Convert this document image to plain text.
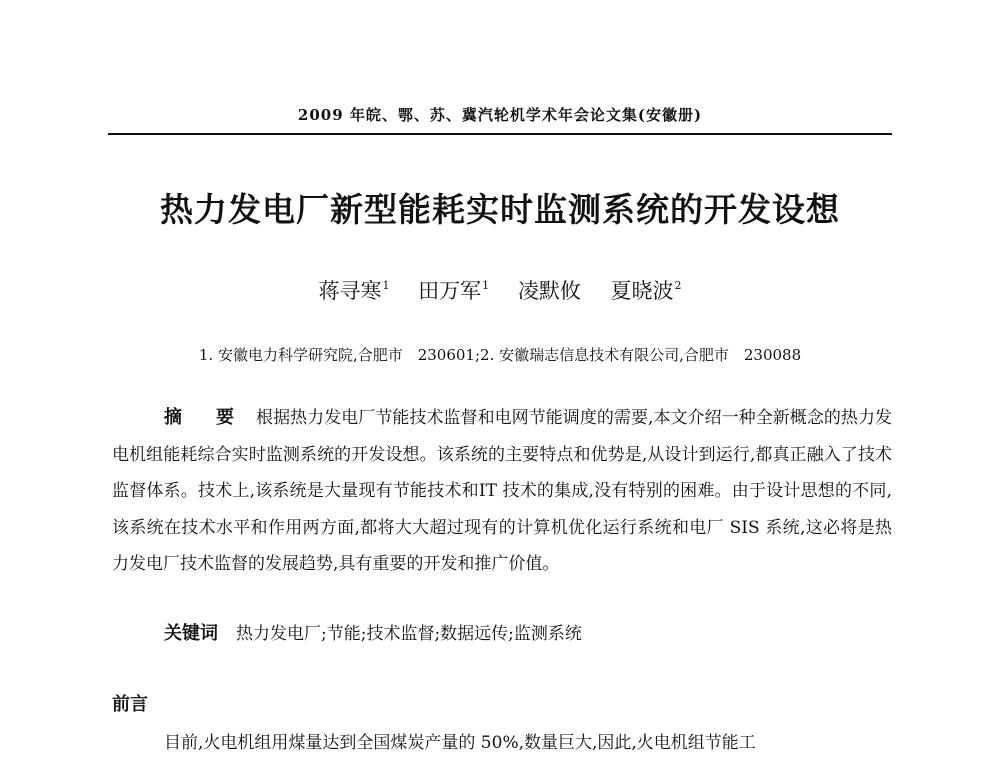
2009 年皖、鄂、苏、冀汽轮机学术年会论文集(安徽册)
热力发电厂新型能耗实时监测系统的开发设想
蒋寻寒$^1$ 田万军$^1$ 凌默攸 夏晓波$^2$
1. 安徽电力科学研究院,合肥市　230601;2. 安徽瑞志信息技术有限公司,合肥市　230088
摘　要 根据热力发电厂节能技术监督和电网节能调度的需要,本文介绍一种全新概念的热力发电机组能耗综合实时监测系统的开发设想。该系统的主要特点和优势是,从设计到运行,都真正融入了技术监督体系。技术上,该系统是大量现有节能技术和IT 技术的集成,没有特别的困难。由于设计思想的不同,该系统在技术水平和作用两方面,都将大大超过现有的计算机优化运行系统和电厂 SIS 系统,这必将是热力发电厂技术监督的发展趋势,具有重要的开发和推广价值。
关键词 热力发电厂;节能;技术监督;数据远传;监测系统
前言
目前,火电机组用煤量达到全国煤炭产量的 50%,数量巨大,因此,火电机组节能工
